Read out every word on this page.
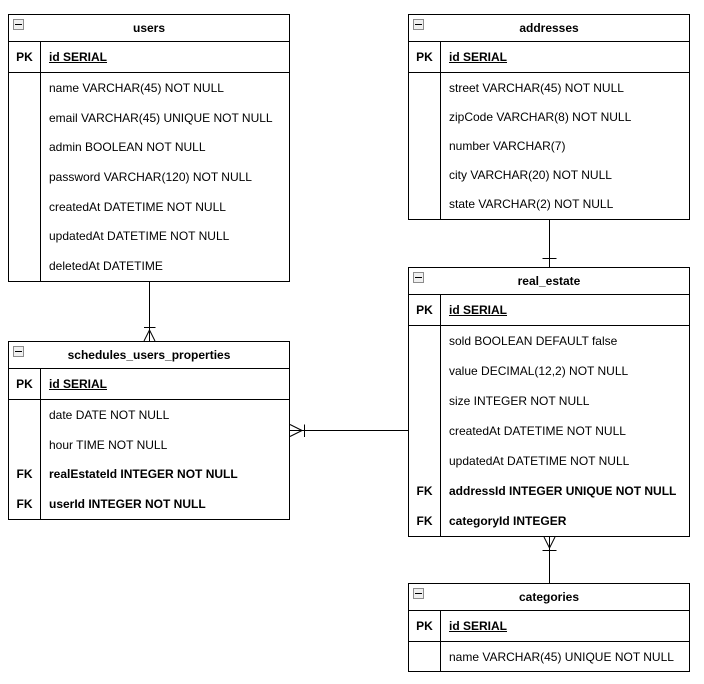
users
PK	id SERIAL
name VARCHAR(45) NOT NULL
email VARCHAR(45) UNIQUE NOT NULL
admin BOOLEAN NOT NULL
password VARCHAR(120) NOT NULL
createdAt DATETIME NOT NULL
updatedAt DATETIME NOT NULL
deletedAt DATETIME
addresses
PK	id SERIAL
street VARCHAR(45) NOT NULL
zipCode VARCHAR(8) NOT NULL
number VARCHAR(7)
city VARCHAR(20) NOT NULL
state VARCHAR(2) NOT NULL
real_estate
PK	id SERIAL
sold BOOLEAN DEFAULT false
value DECIMAL(12,2) NOT NULL
size INTEGER NOT NULL
createdAt DATETIME NOT NULL
updatedAt DATETIME NOT NULL
FK	addressId INTEGER UNIQUE NOT NULL
FK	categoryId INTEGER
schedules_users_properties
PK	id SERIAL
date DATE NOT NULL
hour TIME NOT NULL
FK	realEstateId INTEGER NOT NULL
FK	userId INTEGER NOT NULL
categories
PK	id SERIAL
name VARCHAR(45) UNIQUE NOT NULL
